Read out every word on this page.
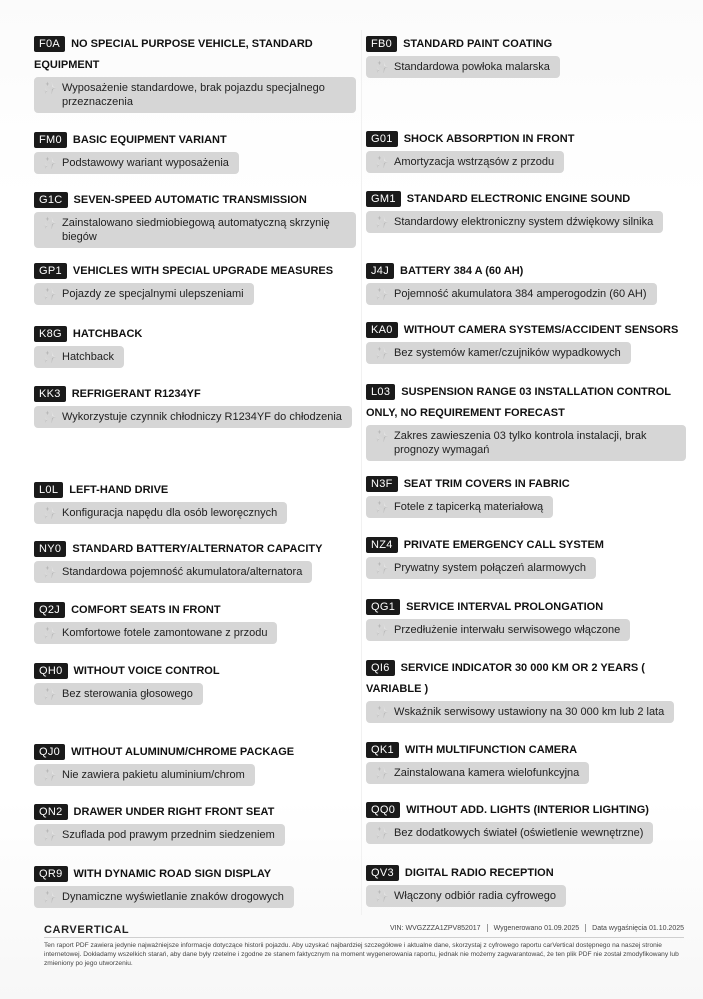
F0A NO SPECIAL PURPOSE VEHICLE, STANDARD EQUIPMENT
✨ Wyposażenie standardowe, brak pojazdu specjalnego przeznaczenia
FM0 BASIC EQUIPMENT VARIANT
✨ Podstawowy wariant wyposażenia
G1C SEVEN-SPEED AUTOMATIC TRANSMISSION
✨ Zainstalowano siedmiobiegową automatyczną skrzynię biegów
GP1 VEHICLES WITH SPECIAL UPGRADE MEASURES
✨ Pojazdy ze specjalnymi ulepszeniami
K8G HATCHBACK
✨ Hatchback
KK3 REFRIGERANT R1234YF
✨ Wykorzystuje czynnik chłodniczy R1234YF do chłodzenia
L0L LEFT-HAND DRIVE
✨ Konfiguracja napędu dla osób leworęcznych
NY0 STANDARD BATTERY/ALTERNATOR CAPACITY
✨ Standardowa pojemność akumulatora/alternatora
Q2J COMFORT SEATS IN FRONT
✨ Komfortowe fotele zamontowane z przodu
QH0 WITHOUT VOICE CONTROL
✨ Bez sterowania głosowego
QJ0 WITHOUT ALUMINUM/CHROME PACKAGE
✨ Nie zawiera pakietu aluminium/chrom
QN2 DRAWER UNDER RIGHT FRONT SEAT
✨ Szuflada pod prawym przednim siedzeniem
QR9 WITH DYNAMIC ROAD SIGN DISPLAY
✨ Dynamiczne wyświetlanie znaków drogowych
FB0 STANDARD PAINT COATING
✨ Standardowa powłoka malarska
G01 SHOCK ABSORPTION IN FRONT
✨ Amortyzacja wstrząsów z przodu
GM1 STANDARD ELECTRONIC ENGINE SOUND
✨ Standardowy elektroniczny system dźwiękowy silnika
J4J BATTERY 384 A (60 AH)
✨ Pojemność akumulatora 384 amperogodzin (60 AH)
KA0 WITHOUT CAMERA SYSTEMS/ACCIDENT SENSORS
✨ Bez systemów kamer/czujników wypadkowych
L03 SUSPENSION RANGE 03 INSTALLATION CONTROL ONLY, NO REQUIREMENT FORECAST
✨ Zakres zawieszenia 03 tylko kontrola instalacji, brak prognozy wymagań
N3F SEAT TRIM COVERS IN FABRIC
✨ Fotele z tapicerką materiałową
NZ4 PRIVATE EMERGENCY CALL SYSTEM
✨ Prywatny system połączeń alarmowych
QG1 SERVICE INTERVAL PROLONGATION
✨ Przedłużenie interwału serwisowego włączone
QI6 SERVICE INDICATOR 30 000 KM OR 2 YEARS ( VARIABLE )
✨ Wskaźnik serwisowy ustawiony na 30 000 km lub 2 lata
QK1 WITH MULTIFUNCTION CAMERA
✨ Zainstalowana kamera wielofunkcyjna
QQ0 WITHOUT ADD. LIGHTS (INTERIOR LIGHTING)
✨ Bez dodatkowych świateł (oświetlenie wewnętrzne)
QV3 DIGITAL RADIO RECEPTION
✨ Włączony odbiór radia cyfrowego
CARVERTICAL	VIN: WVGZZZA1ZPV852017 Wygenerowano 01.09.2025 Data wygaśnięcia 01.10.2025
Ten raport PDF zawiera jedynie najważniejsze informacje dotyczące historii pojazdu. Aby uzyskać najbardziej szczegółowe i aktualne dane, skorzystaj z cyfrowego raportu carVertical dostępnego na naszej stronie internetowej. Dokładamy wszelkich starań, aby dane były rzetelne i zgodne ze stanem faktycznym na moment wygenerowania raportu, jednak nie możemy zagwarantować, że ten plik PDF nie został zmodyfikowany lub zmieniony po jego utworzeniu.
